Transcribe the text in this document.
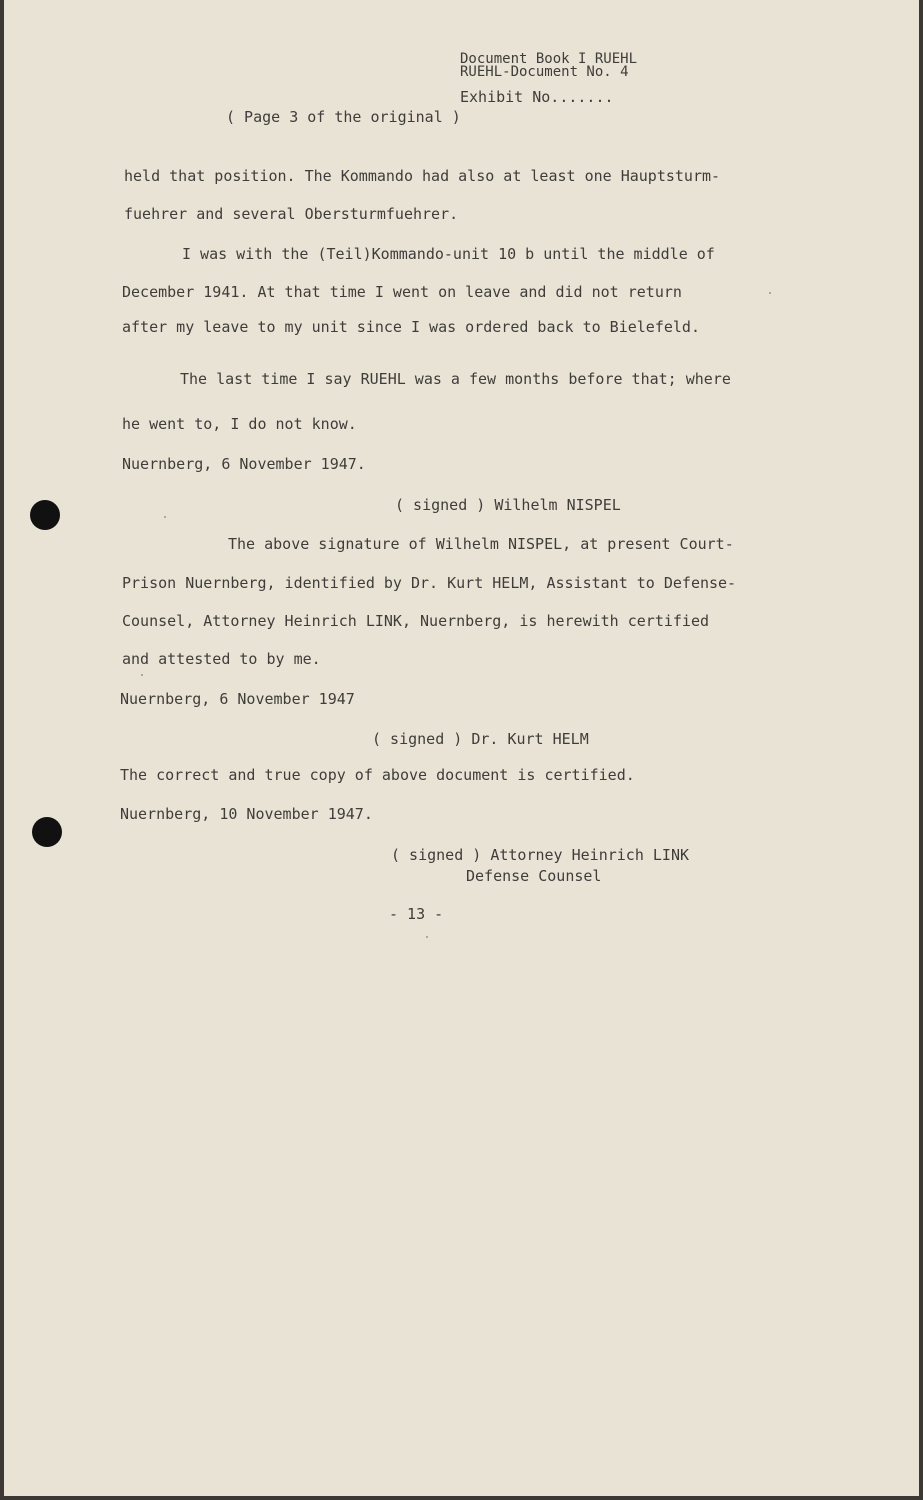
Document Book I RUEHL
RUEHL-Document No. 4
Exhibit No.......
( Page 3 of the original )
held that position. The Kommando had also at least one Hauptsturm-
fuehrer and several Obersturmfuehrer.
I was with the (Teil)Kommando-unit 10 b until the middle of
December 1941. At that time I went on leave and did not return
after my leave to my unit since I was ordered back to Bielefeld.
The last time I say RUEHL was a few months before that; where
he went to, I do not know.
Nuernberg, 6 November 1947.
( signed ) Wilhelm NISPEL
The above signature of Wilhelm NISPEL, at present Court-
Prison Nuernberg, identified by Dr. Kurt HELM, Assistant to Defense-
Counsel, Attorney Heinrich LINK, Nuernberg, is herewith certified
and attested to by me.
Nuernberg, 6 November 1947
( signed ) Dr. Kurt HELM
The correct and true copy of above document is certified.
Nuernberg, 10 November 1947.
( signed ) Attorney Heinrich LINK
Defense Counsel
- 13 -
